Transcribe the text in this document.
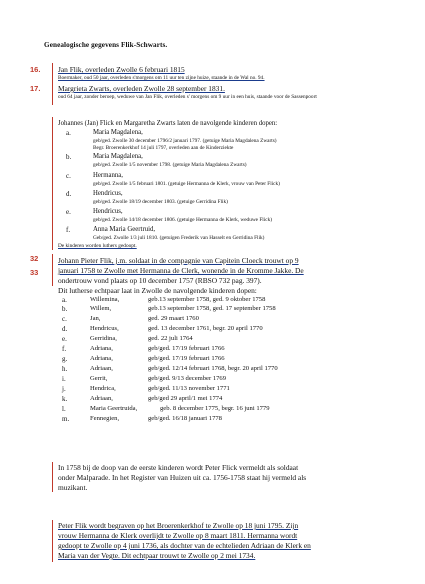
Genealogische gegevens Flik-Schwarts.
16.
17.
32
33
Jan Flik, overleden Zwolle 6 februari 1815
Boermaker, oud 50 jaar, overleden s'morgens om 11 uur ten zijne huize, staande in de Wal no. 94.
Margrieta Zwarts, overleden Zwolle 28 september 1831.
oud 64 jaar, zonder beroep, weduwe van Jan Flik, overleden s' morgens om 9 uur in een huis, staande voor de Sassenpoort
Johannes (Jan) Flick en Margaretha Zwarts laten de navolgende kinderen dopen:
a.	Maria Magdalena,
geb/ged. Zwolle 30 december 1796/2 januari 1797. (getuige Maria Magdalena Zwarts)
Begr. Broerenkerkhof 14 juli 1797, overleden aan de Kinderziekte
b.	Maria Magdalena,
geb/ged. Zwolle 1/5 november 1798. (getuige Maria Magdalena Zwarts)
c.	Hermanna,
geb/ged. Zwolle 1/5 februari 1801. (getuige Hermanna de Klerk, vrouw van Peter Flick)
d.	Hendricus,
geb/ged. Zwolle 18/19 december 1803. (getuige Gerridina Flik)
e.	Hendricus,
geb/ged. Zwolle 14/18 december 1806. (getuige Hermanna de Klerk, weduwe Flick)
f.	Anna Maria Geertruid,
Geb/ged. Zwolle 1/3 juli 1810. (getuigen Frederik van Hasselt en Gerridina Flik)
De kinderen worden luthers gedoopt.
Johann Pieter Flik, j.m. soldaat in de compagnie van Capitein Cloeck trouwt op 9
januari 1758 te Zwolle met Hermanna de Clerk, wonende in de Kromme Jakke. De
ondertrouw vond plaats op 10 december 1757 (RBSO 732 pag. 397).
Dit lutherse echtpaar laat in Zwolle de navolgende kinderen dopen:
a.	Willemina,	geb.13 september 1758, ged. 9 oktober 1758
b.	Willem,	geb.13 september 1758, ged. 17 september 1758
c.	Jan,	ged. 29 maart 1760
d.	Hendricus,	ged. 13 december 1761, begr. 20 april 1770
e.	Gerridina,	ged. 22 juli 1764
f.	Adriana,	geb/ged. 17/19 februari 1766
g.	Adriana,	geb/ged. 17/19 februari 1766
h.	Adriaan,	geb/ged. 12/14 februari 1768, begr. 20 april 1770
i.	Gerrit,	geb/ged. 9/13 december 1769
j.	Hendrica,	geb/ged. 11/13 november 1771
k.	Adriaan,	geb/ged 29 april/1 mei 1774
l.	Maria Geertruida,	geb. 8 december 1775, begr. 16 juni 1779
m.	Fennegien,	geb/ged. 16/18 januari 1778
In 1758 bij de doop van de eerste kinderen wordt Peter Flick vermeldt als soldaat
onder Malparade. In het Register van Huizen uit ca. 1756-1758 staat hij vermeld als
muzikant.
Peter Flik wordt begraven op het Broerenkerkhof te Zwolle op 18 juni 1795. Zijn
vrouw Hermanna de Klerk overlijdt te Zwolle op 8 maart 1811. Hermanna wordt
gedoopt te Zwolle op 4 juni 1736, als dochter van de echtelieden Adriaan de Klerk en
Maria van der Vegte. Dit echtpaar trouwt te Zwolle op 2 mei 1734.
